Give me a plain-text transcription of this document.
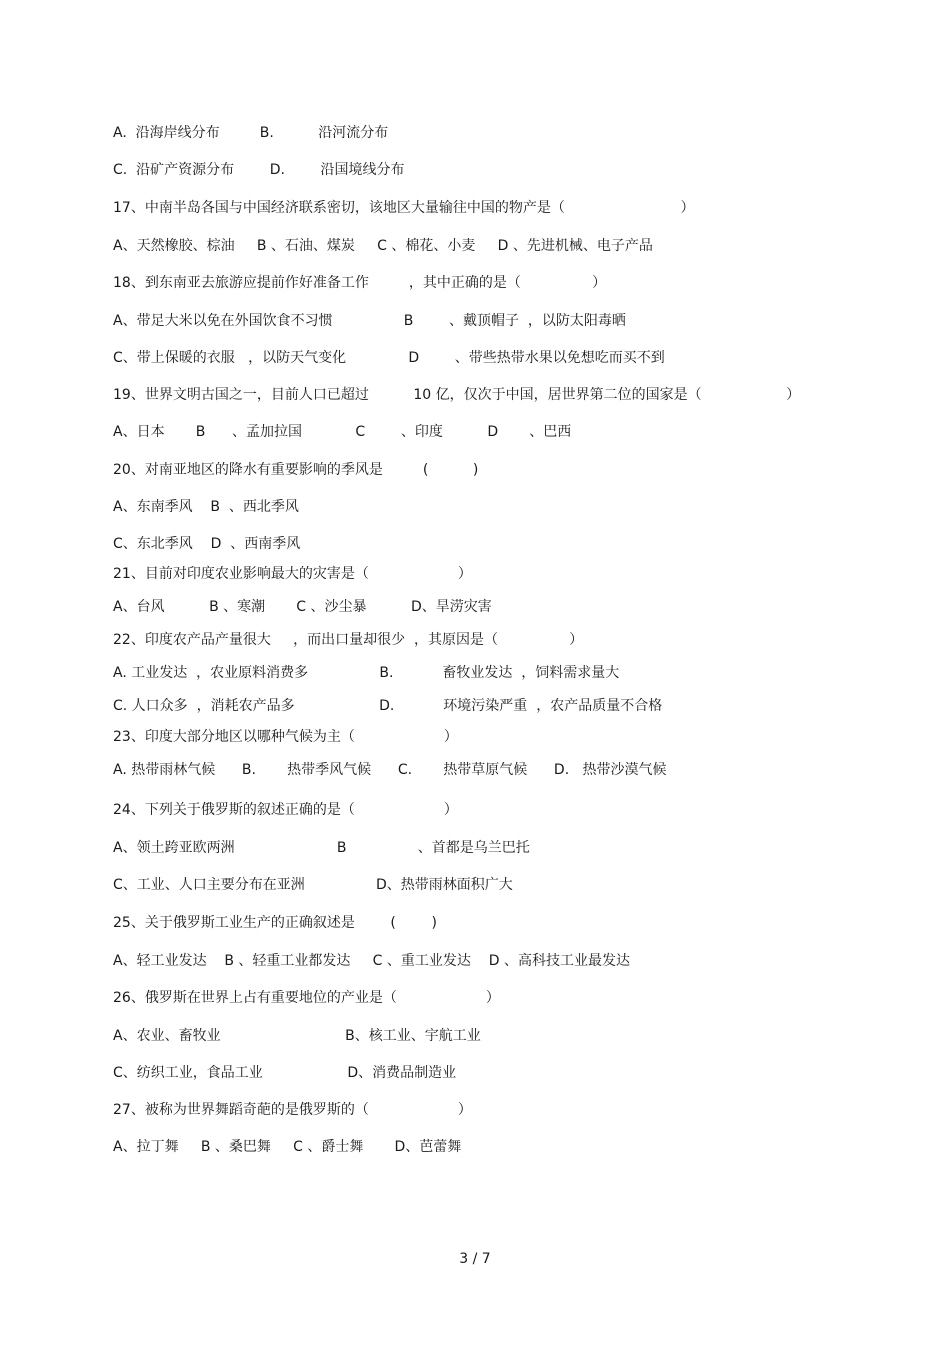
A.  沿海岸线分布         B.          沿河流分布
C.  沿矿产资源分布        D.        沿国境线分布
17、中南半岛各国与中国经济联系密切，该地区大量输往中国的物产是（                          ）
A、天然橡胶、棕油     B 、石油、煤炭     C 、棉花、小麦     D 、先进机械、电子产品
18、到东南亚去旅游应提前作好准备工作         ，其中正确的是（                ）
A、带足大米以免在外国饮食不习惯                B        、戴顶帽子  ，以防太阳毒晒
C、带上保暖的衣服   ，以防天气变化              D        、带些热带水果以免想吃而买不到
19、世界文明古国之一，目前人口已超过          10 亿，仅次于中国，居世界第二位的国家是（                   ）
A、日本       B      、孟加拉国            C        、印度          D       、巴西
20、对南亚地区的降水有重要影响的季风是         (          )
A、东南季风    B  、西北季风
C、东北季风    D  、西南季风
21、目前对印度农业影响最大的灾害是（                    ）
A、台风          B 、寒潮       C 、沙尘暴          D、旱涝灾害
22、印度农产品产量很大     ，而出口量却很少  ，其原因是（                ）
A. 工业发达  ，农业原料消费多                B.           畜牧业发达  ，饲料需求量大
C. 人口众多  ，消耗农产品多                   D.           环境污染严重  ，农产品质量不合格
23、印度大部分地区以哪种气候为主（                    ）
A. 热带雨林气候      B.       热带季风气候      C.       热带草原气候      D.   热带沙漠气候
24、下列关于俄罗斯的叙述正确的是（                    ）
A、领土跨亚欧两洲                       B                、首都是乌兰巴托
C、工业、人口主要分布在亚洲                D、热带雨林面积广大
25、关于俄罗斯工业生产的正确叙述是        (        )
A、轻工业发达    B 、轻重工业都发达     C 、重工业发达    D 、高科技工业最发达
26、俄罗斯在世界上占有重要地位的产业是（                    ）
A、农业、畜牧业                            B、核工业、宇航工业
C、纺织工业，食品工业                   D、消费品制造业
27、被称为世界舞蹈奇葩的是俄罗斯的（                    ）
A、拉丁舞     B 、桑巴舞     C 、爵士舞       D、芭蕾舞
3 / 7
